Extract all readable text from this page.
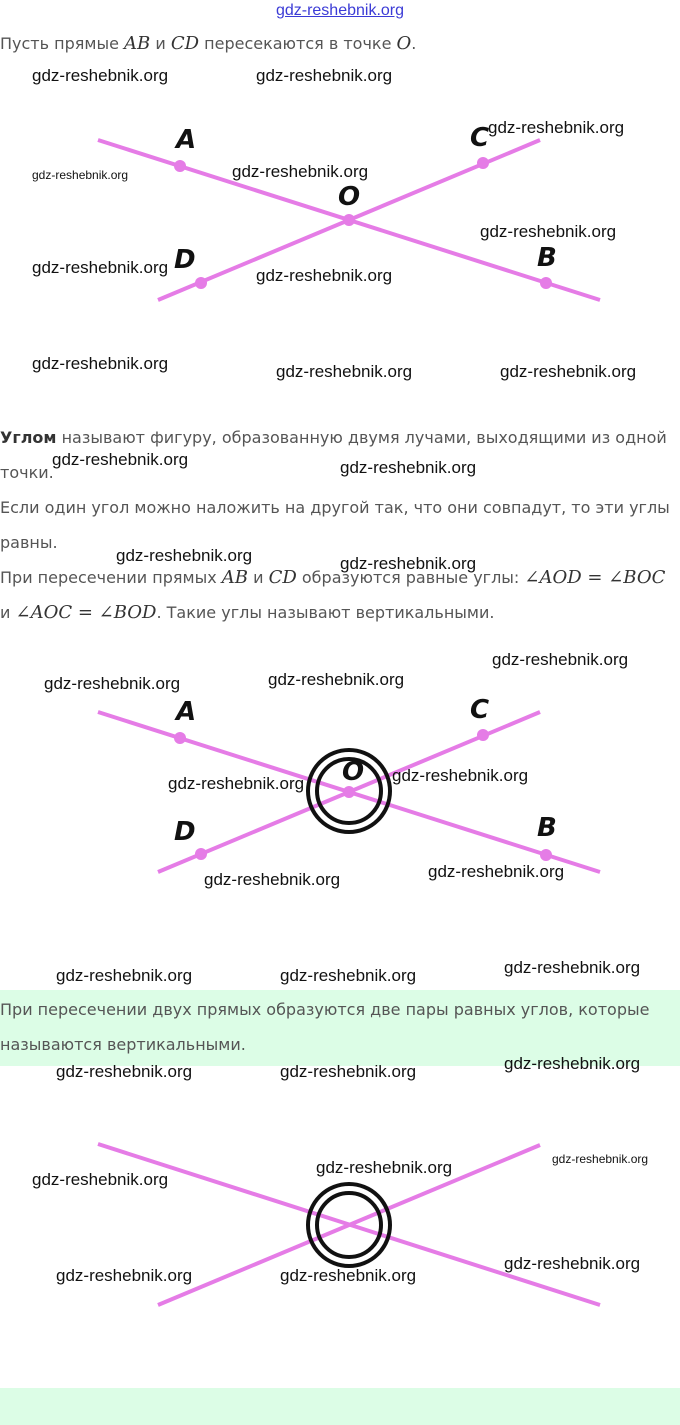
gdz-reshebnik.org
Пусть прямые AB и CD пересекаются в точке O.
A	C
O
D	B
Углом называют фигуру, образованную двумя лучами, выходящими из одной точки.
Если один угол можно наложить на другой так, что они совпадут, то эти углы равны.
При пересечении прямых AB и CD образуются равные углы: ∠AOD = ∠BOC и ∠AOC = ∠BOD. Такие углы называют вертикальными.
A	C
O
D	B
При пересечении двух прямых образуются две пары равных углов, которые называются вертикальными.
gdz-reshebnik.org	gdz-reshebnik.org
gdz-reshebnik.org
gdz-reshebnik.org	gdz-reshebnik.org
gdz-reshebnik.org
gdz-reshebnik.org	gdz-reshebnik.org
gdz-reshebnik.org	gdz-reshebnik.org	gdz-reshebnik.org
gdz-reshebnik.org	gdz-reshebnik.org
gdz-reshebnik.org	gdz-reshebnik.org
gdz-reshebnik.org
gdz-reshebnik.org	gdz-reshebnik.org
gdz-reshebnik.org	gdz-reshebnik.org
gdz-reshebnik.org	gdz-reshebnik.org
gdz-reshebnik.org	gdz-reshebnik.org	gdz-reshebnik.org
gdz-reshebnik.org	gdz-reshebnik.org	gdz-reshebnik.org
gdz-reshebnik.org	gdz-reshebnik.org
gdz-reshebnik.org
gdz-reshebnik.org	gdz-reshebnik.org
gdz-reshebnik.org
